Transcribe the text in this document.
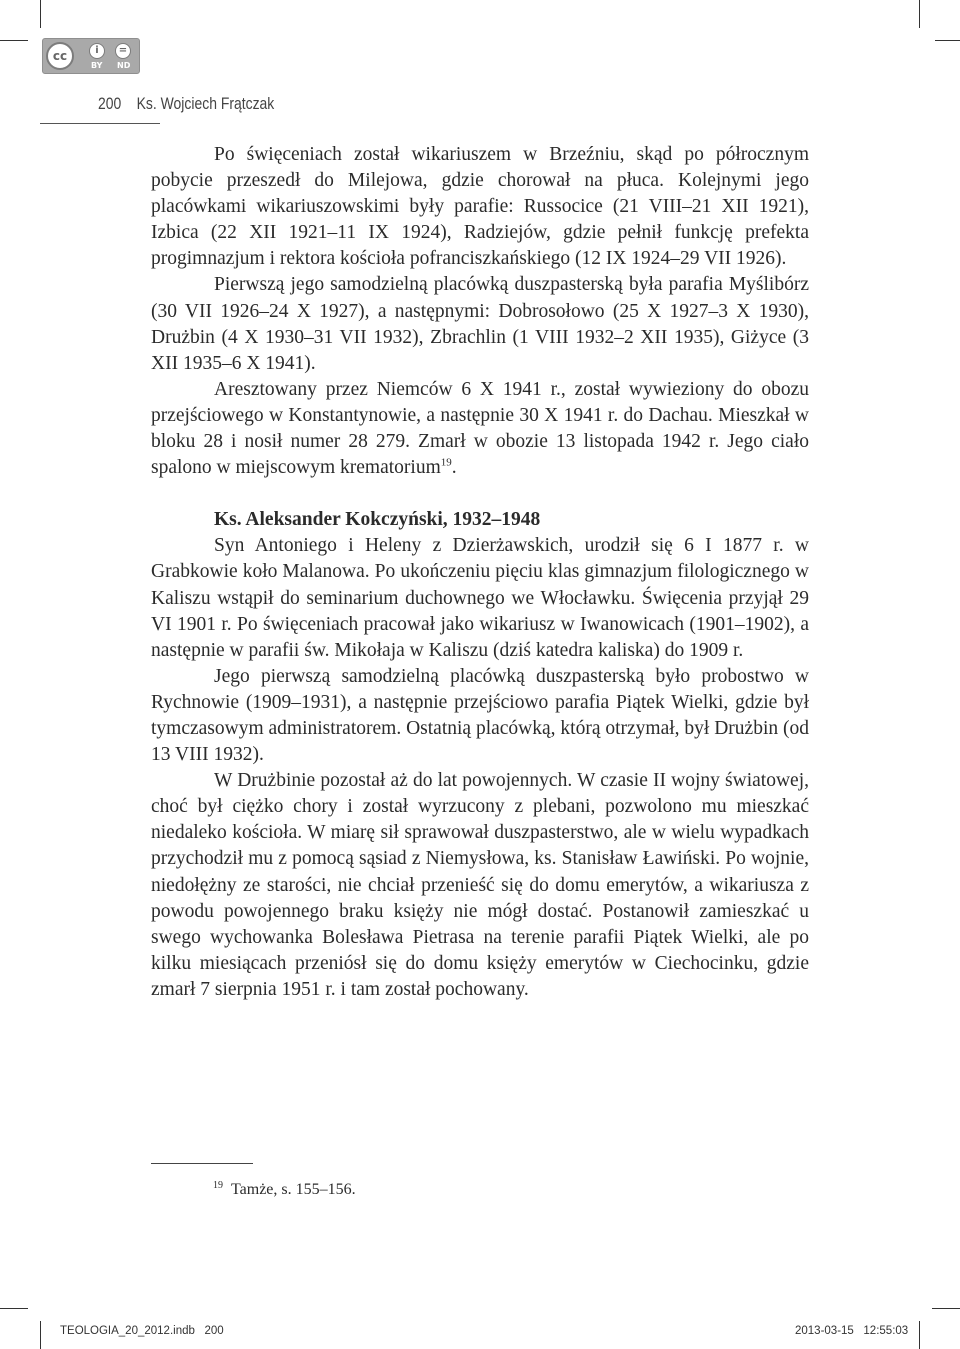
cc	i	=
BY ND
200 Ks. Wojciech Frątczak

Po święceniach został wikariuszem w Brzeźniu, skąd po półrocznym pobycie przeszedł do Milejowa, gdzie chorował na płuca. Kolejnymi jego placówkami wikariuszowskimi były parafie: Russocice (21 VIII–21 XII 1921), Izbica (22 XII 1921–11 IX 1924), Radziejów, gdzie pełnił funkcję prefekta progimnazjum i rektora kościoła pofranciszkańskiego (12 IX 1924–29 VII 1926).

Pierwszą jego samodzielną placówką duszpasterską była parafia Myślibórz (30 VII 1926–24 X 1927), a następnymi: Dobrosołowo (25 X 1927–3 X 1930), Drużbin (4 X 1930–31 VII 1932), Zbrachlin (1 VIII 1932–2 XII 1935), Giżyce (3 XII 1935–6 X 1941).

Aresztowany przez Niemców 6 X 1941 r., został wywieziony do obozu przejściowego w Konstantynowie, a następnie 30 X 1941 r. do Dachau. Mieszkał w bloku 28 i nosił numer 28 279. Zmarł w obozie 13 listopada 1942 r. Jego ciało spalono w miejscowym krematorium$^{19}$.

Ks. Aleksander Kokczyński, 1932–1948

Syn Antoniego i Heleny z Dzierżawskich, urodził się 6 I 1877 r. w Grabkowie koło Malanowa. Po ukończeniu pięciu klas gimnazjum filologicznego w Kaliszu wstąpił do seminarium duchownego we Włocławku. Święcenia przyjął 29 VI 1901 r. Po święceniach pracował jako wikariusz w Iwanowicach (1901–1902), a następnie w parafii św. Mikołaja w Kaliszu (dziś katedra kaliska) do 1909 r.

Jego pierwszą samodzielną placówką duszpasterską było probostwo w Rychnowie (1909–1931), a następnie przejściowo parafia Piątek Wielki, gdzie był tymczasowym administratorem. Ostatnią placówką, którą otrzymał, był Drużbin (od 13 VIII 1932).

W Drużbinie pozostał aż do lat powojennych. W czasie II wojny światowej, choć był ciężko chory i został wyrzucony z plebani, pozwolono mu mieszkać niedaleko kościoła. W miarę sił sprawował duszpasterstwo, ale w wielu wypadkach przychodził mu z pomocą sąsiad z Niemysłowa, ks. Stanisław Ławiński. Po wojnie, niedołężny ze starości, nie chciał przenieść się do domu emerytów, a wikariusza z powodu powojennego braku księży nie mógł dostać. Postanowił zamieszkać u swego wychowanka Bolesława Pietrasa na terenie parafii Piątek Wielki, ale po kilku miesiącach przeniósł się do domu księży emerytów w Ciechocinku, gdzie zmarł 7 sierpnia 1951 r. i tam został pochowany.

$^{19}$ Tamże, s. 155–156.
TEOLOGIA_20_2012.indb   200	2013-03-15   12:55:03
